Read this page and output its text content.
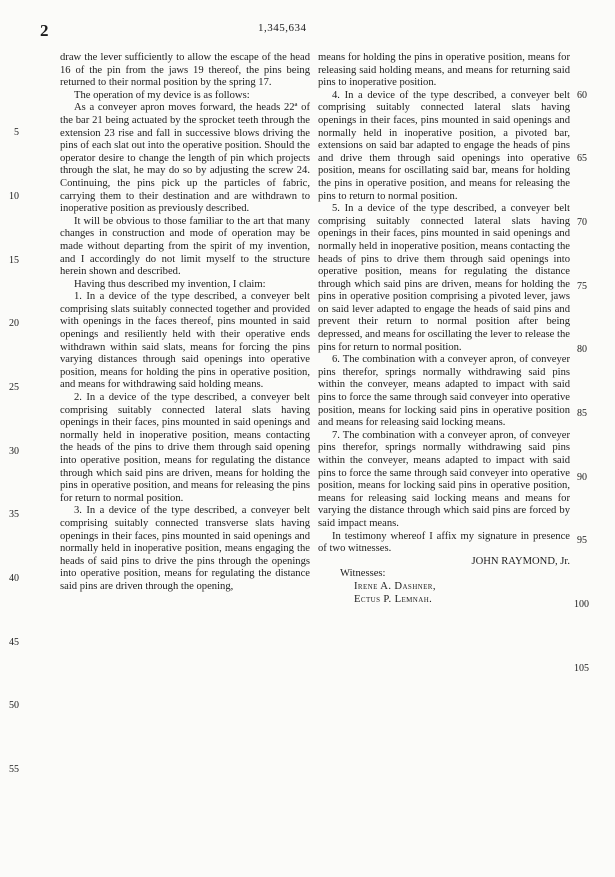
2	1,345,634

draw the lever sufficiently to allow the escape of the head 16 of the pin from the jaws 19 thereof, the pins being returned to their normal position by the spring 17.

The operation of my device is as follows:

As a conveyer apron moves forward, the heads 22ª of the bar 21 being actuated by the sprocket teeth through the extension 23 rise and fall in successive blows driving the pins of each slat out into the operative position. Should the operator desire to change the length of pin which projects through the slat, he may do so by adjusting the screw 24. Continuing, the pins pick up the particles of fabric, carrying them to their destination and are withdrawn to inoperative position as previously described.

It will be obvious to those familiar to the art that many changes in construction and mode of operation may be made without departing from the spirit of my invention, and I accordingly do not limit myself to the structure herein shown and described.

Having thus described my invention, I claim:

1. In a device of the type described, a conveyer belt comprising slats suitably connected together and provided with openings in the faces thereof, pins mounted in said openings and resiliently held with their operative ends withdrawn within said slats, means for forcing the pins varying distances through said openings into operative position, means for holding the pins in operative position, and means for withdrawing said holding means.

2. In a device of the type described, a conveyer belt comprising suitably connected lateral slats having openings in their faces, pins mounted in said openings and normally held in inoperative position, means contacting the heads of the pins to drive them through said opening into operative position, means for regulating the distance through which said pins are driven, means for holding the pins in operative position, and means for releasing the pins for return to normal position.

3. In a device of the type described, a conveyer belt comprising suitably connected transverse slats having openings in their faces, pins mounted in said openings and normally held in inoperative position, means engaging the heads of said pins to drive the pins through the openings into operative position, means for regulating the distance said pins are driven through the opening,

means for holding the pins in operative position, means for releasing said holding means, and means for returning said pins to inoperative position.

4. In a device of the type described, a conveyer belt comprising suitably connected lateral slats having openings in their faces, pins mounted in said openings and normally held in inoperative position, a pivoted bar, extensions on said bar adapted to engage the heads of pins and drive them through said openings into operative position, means for oscillating said bar, means for holding the pins in operative position, and means for releasing the pins to return to normal position.

5. In a device of the type described, a conveyer belt comprising suitably connected lateral slats having openings in their faces, pins mounted in said openings and normally held in inoperative position, means contacting the heads of pins to drive them through said openings into operative position, means for regulating the distance through which said pins are driven, means for holding the pins in operative position comprising a pivoted lever, jaws on said lever adapted to engage the heads of said pins and prevent their return to normal position after being depressed, and means for oscillating the lever to release the pins for return to normal position.

6. The combination with a conveyer apron, of conveyer pins therefor, springs normally withdrawing said pins within the conveyer, means adapted to impact with said pins to force the same through said conveyer into operative position, means for locking said pins in operative position and means for releasing said locking means.

7. The combination with a conveyer apron, of conveyer pins therefor, springs normally withdrawing said pins within the conveyer, means adapted to impact with said pins to force the same through said conveyer into operative position, means for locking said pins in operative position, means for releasing said locking means and means for varying the distance through which said pins are forced by said impact means.

In testimony whereof I affix my signature in presence of two witnesses.

JOHN RAYMOND, Jr.

Witnesses:

Irene A. Dashner,

Ectus P. Lemnah.

5
10
15
20
25
30
35
40
45
50
55
60
65
70
75
80
85
90
95
100
105
